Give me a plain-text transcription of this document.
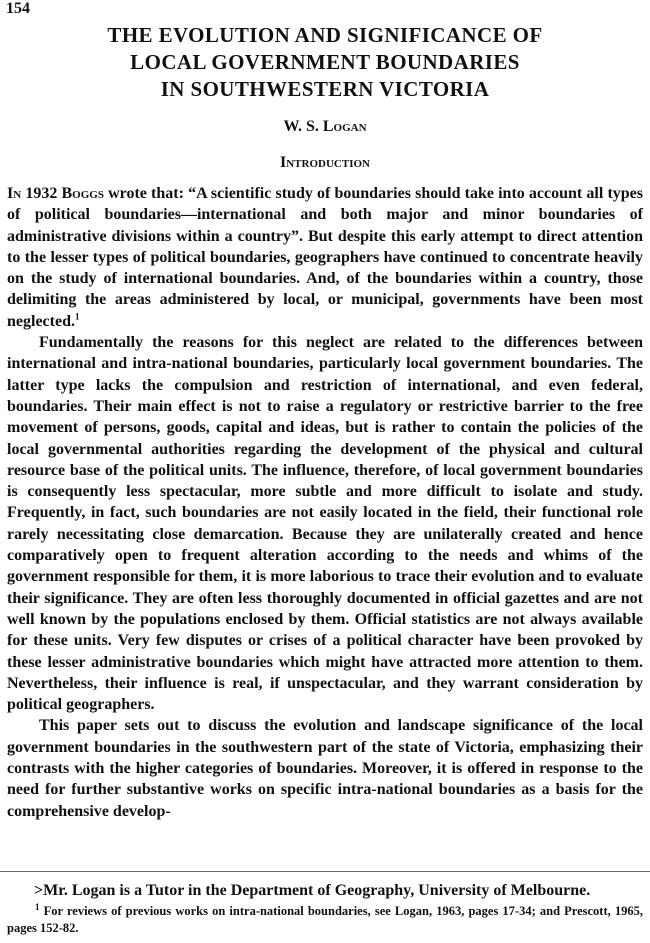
154
THE EVOLUTION AND SIGNIFICANCE OF
LOCAL GOVERNMENT BOUNDARIES
IN SOUTHWESTERN VICTORIA
W. S. Logan
Introduction

In 1932 Boggs wrote that: “A scientific study of boundaries should take into account all types of political boundaries—international and both major and minor boundaries of administrative divisions within a country”. But despite this early attempt to direct attention to the lesser types of political boundaries, geographers have continued to concentrate heavily on the study of international boundaries. And, of the boundaries within a country, those delimiting the areas administered by local, or municipal, governments have been most neglected.$^1$

Fundamentally the reasons for this neglect are related to the differences between international and intra-national boundaries, particularly local government boundaries. The latter type lacks the compulsion and restriction of international, and even federal, boundaries. Their main effect is not to raise a regulatory or restrictive barrier to the free movement of persons, goods, capital and ideas, but is rather to contain the policies of the local governmental authorities regarding the development of the physical and cultural resource base of the political units. The influence, therefore, of local government boundaries is consequently less spectacular, more subtle and more difficult to isolate and study. Frequently, in fact, such boundaries are not easily located in the field, their functional role rarely necessitating close demarcation. Because they are unilaterally created and hence comparatively open to frequent alteration according to the needs and whims of the government responsible for them, it is more laborious to trace their evolution and to evaluate their significance. They are often less thoroughly documented in official gazettes and are not well known by the populations enclosed by them. Official statistics are not always available for these units. Very few disputes or crises of a political character have been provoked by these lesser administrative boundaries which might have attracted more attention to them. Nevertheless, their influence is real, if unspectacular, and they warrant consideration by political geographers.

This paper sets out to discuss the evolution and landscape significance of the local government boundaries in the southwestern part of the state of Victoria, emphasizing their contrasts with the higher categories of boundaries. Moreover, it is offered in response to the need for further substantive works on specific intra-national boundaries as a basis for the comprehensive develop-

>Mr. Logan is a Tutor in the Department of Geography, University of Melbourne.
$^1$ For reviews of previous works on intra-national boundaries, see Logan, 1963, pages 17-34; and Prescott, 1965, pages 152-82.
